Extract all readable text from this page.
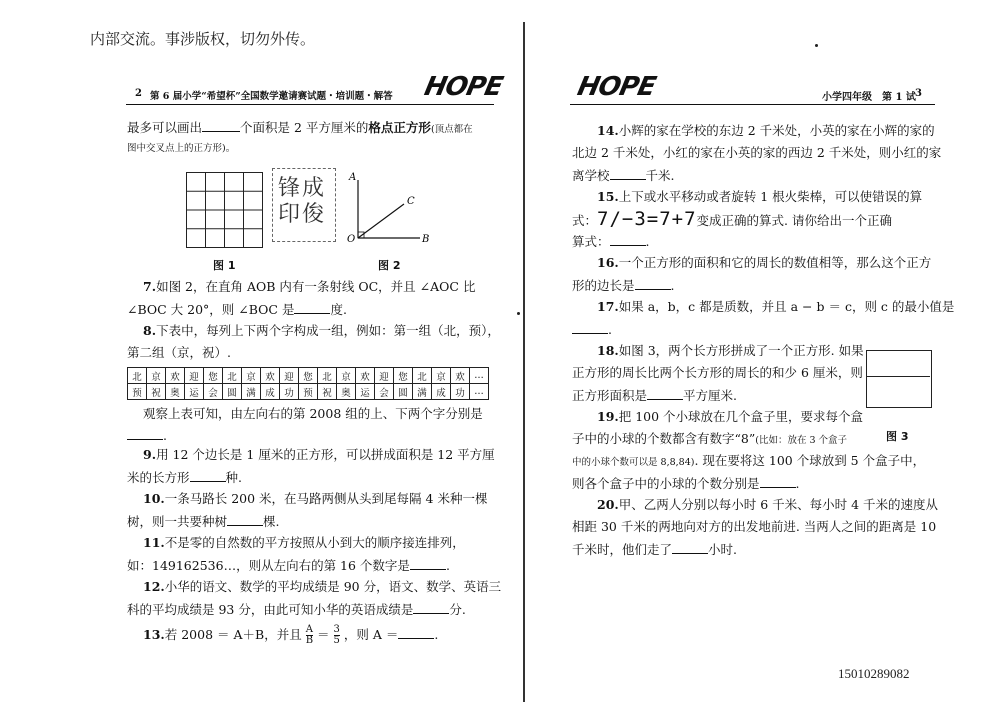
内部交流。事涉版权，切勿外传。
15010289082
2 第 6 届小学“希望杯”全国数学邀请赛试题・培训题・解答 HOPE
最多可以画出	个面积是 2 平方厘米的格点正方形(顶点都在
图中交叉点上的正方形)。
图 1
锋成印俊
A
C
O	B
图 2
7.如图 2，在直角 AOB 内有一条射线 OC，并且 ∠AOC 比
∠BOC 大 20°，则 ∠BOC 是	度.
8.下表中，每列上下两个字构成一组，例如：第一组（北，预），
第二组（京，祝）.
北	京	欢	迎	您	北	京	欢	迎	您	北	京	欢	迎	您	北	京	欢	…
预	祝	奥	运	会	圆	满	成	功	预	祝	奥	运	会	圆	满	成	功	…
观察上表可知，由左向右的第 2008 组的上、下两个字分别是
.
9.用 12 个边长是 1 厘米的正方形，可以拼成面积是 12 平方厘
米的长方形	种.
10.一条马路长 200 米，在马路两侧从头到尾每隔 4 米种一棵
树，则一共要种树	棵.
11.不是零的自然数的平方按照从小到大的顺序接连排列，
如：149162536…，则从左向右的第 16 个数字是	.
12.小华的语文、数学的平均成绩是 90 分，语文、数学、英语三
科的平均成绩是 93 分，由此可知小华的英语成绩是	分.
13.若 2008 ＝ A＋B，并且 $\frac{A}{B} = \frac{3}{5}$ ，则 A ＝	.
HOPE	小学四年级　第 1 试 3
14.小辉的家在学校的东边 2 千米处，小英的家在小辉的家的
北边 2 千米处，小红的家在小英的家的西边 2 千米处，则小红的家
离学校	千米.
15.上下或水平移动或者旋转 1 根火柴棒，可以使错误的算
式：7/−3=7+7变成正确的算式. 请你给出一个正确
算式：	.
16.一个正方形的面积和它的周长的数值相等，那么这个正方
形的边长是	.
17.如果 a，b，c 都是质数，并且 a − b ＝ c，则 c 的最小值是
.
18.如图 3，两个长方形拼成了一个正方形. 如果
正方形的周长比两个长方形的周长的和少 6 厘米，则
正方形面积是	平方厘米.
图 3
19.把 100 个小球放在几个盒子里，要求每个盒
子中的小球的个数都含有数字“8”(比如：放在 3 个盒子
中的小球个数可以是 8,8,84). 现在要将这 100 个球放到 5 个盒子中，
则各个盒子中的小球的个数分别是	.
20.甲、乙两人分别以每小时 6 千米、每小时 4 千米的速度从
相距 30 千米的两地向对方的出发地前进. 当两人之间的距离是 10
千米时，他们走了	小时.
